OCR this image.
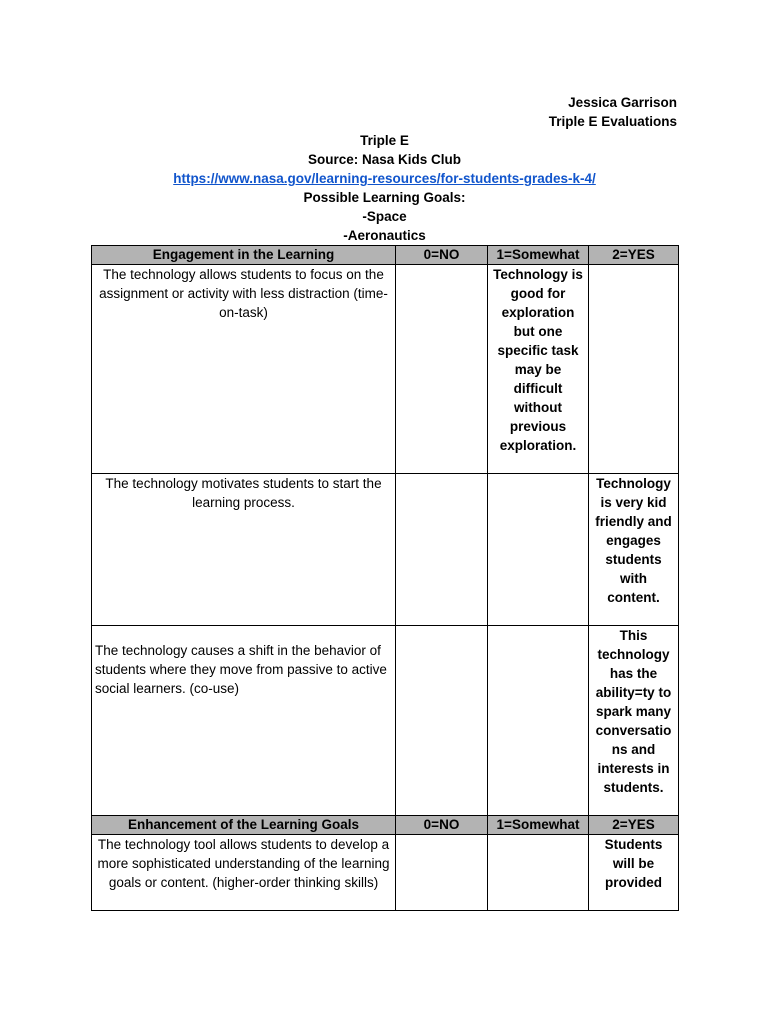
Jessica Garrison
Triple E Evaluations
Triple E
Source: Nasa Kids Club
https://www.nasa.gov/learning-resources/for-students-grades-k-4/
Possible Learning Goals:
-Space
-Aeronautics
Engagement in the Learning	0=NO	1=Somewhat	2=YES
The technology allows students to focus on the assignment or activity with less distraction (time-on-task)		Technology is good for exploration but one specific task may be difficult without previous exploration.	
The technology motivates students to start the learning process.			Technology is very kid friendly and engages students with content.
The technology causes a shift in the behavior of students where they move from passive to active social learners. (co-use)			This technology has the ability=ty to spark many conversatio ns and interests in students.
Enhancement of the Learning Goals	0=NO	1=Somewhat	2=YES
The technology tool allows students to develop a more sophisticated understanding of the learning goals or content. (higher-order thinking skills)			Students will be provided
